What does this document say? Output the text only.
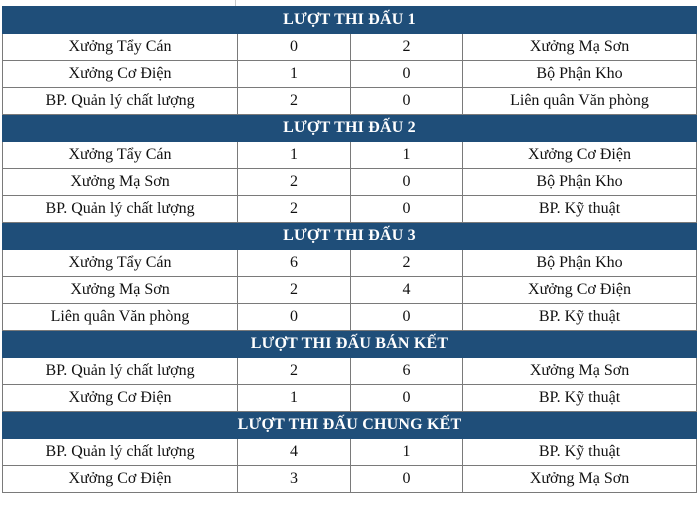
LƯỢT THI ĐẤU 1			
Xưởng Tẩy Cán	0	2	Xưởng Mạ Sơn
Xưởng Cơ Điện	1	0	Bộ Phận Kho
BP. Quản lý chất lượng	2	0	Liên quân Văn phòng
LƯỢT THI ĐẤU 2			
Xưởng Tẩy Cán	1	1	Xưởng Cơ Điện
Xưởng Mạ Sơn	2	0	Bộ Phận Kho
BP. Quản lý chất lượng	2	0	BP. Kỹ thuật
LƯỢT THI ĐẤU 3			
Xưởng Tẩy Cán	6	2	Bộ Phận Kho
Xưởng Mạ Sơn	2	4	Xưởng Cơ Điện
Liên quân Văn phòng	0	0	BP. Kỹ thuật
LƯỢT THI ĐẤU BÁN KẾT			
BP. Quản lý chất lượng	2	6	Xưởng Mạ Sơn
Xưởng Cơ Điện	1	0	BP. Kỹ thuật
LƯỢT THI ĐẤU CHUNG KẾT			
BP. Quản lý chất lượng	4	1	BP. Kỹ thuật
Xưởng Cơ Điện	3	0	Xưởng Mạ Sơn
